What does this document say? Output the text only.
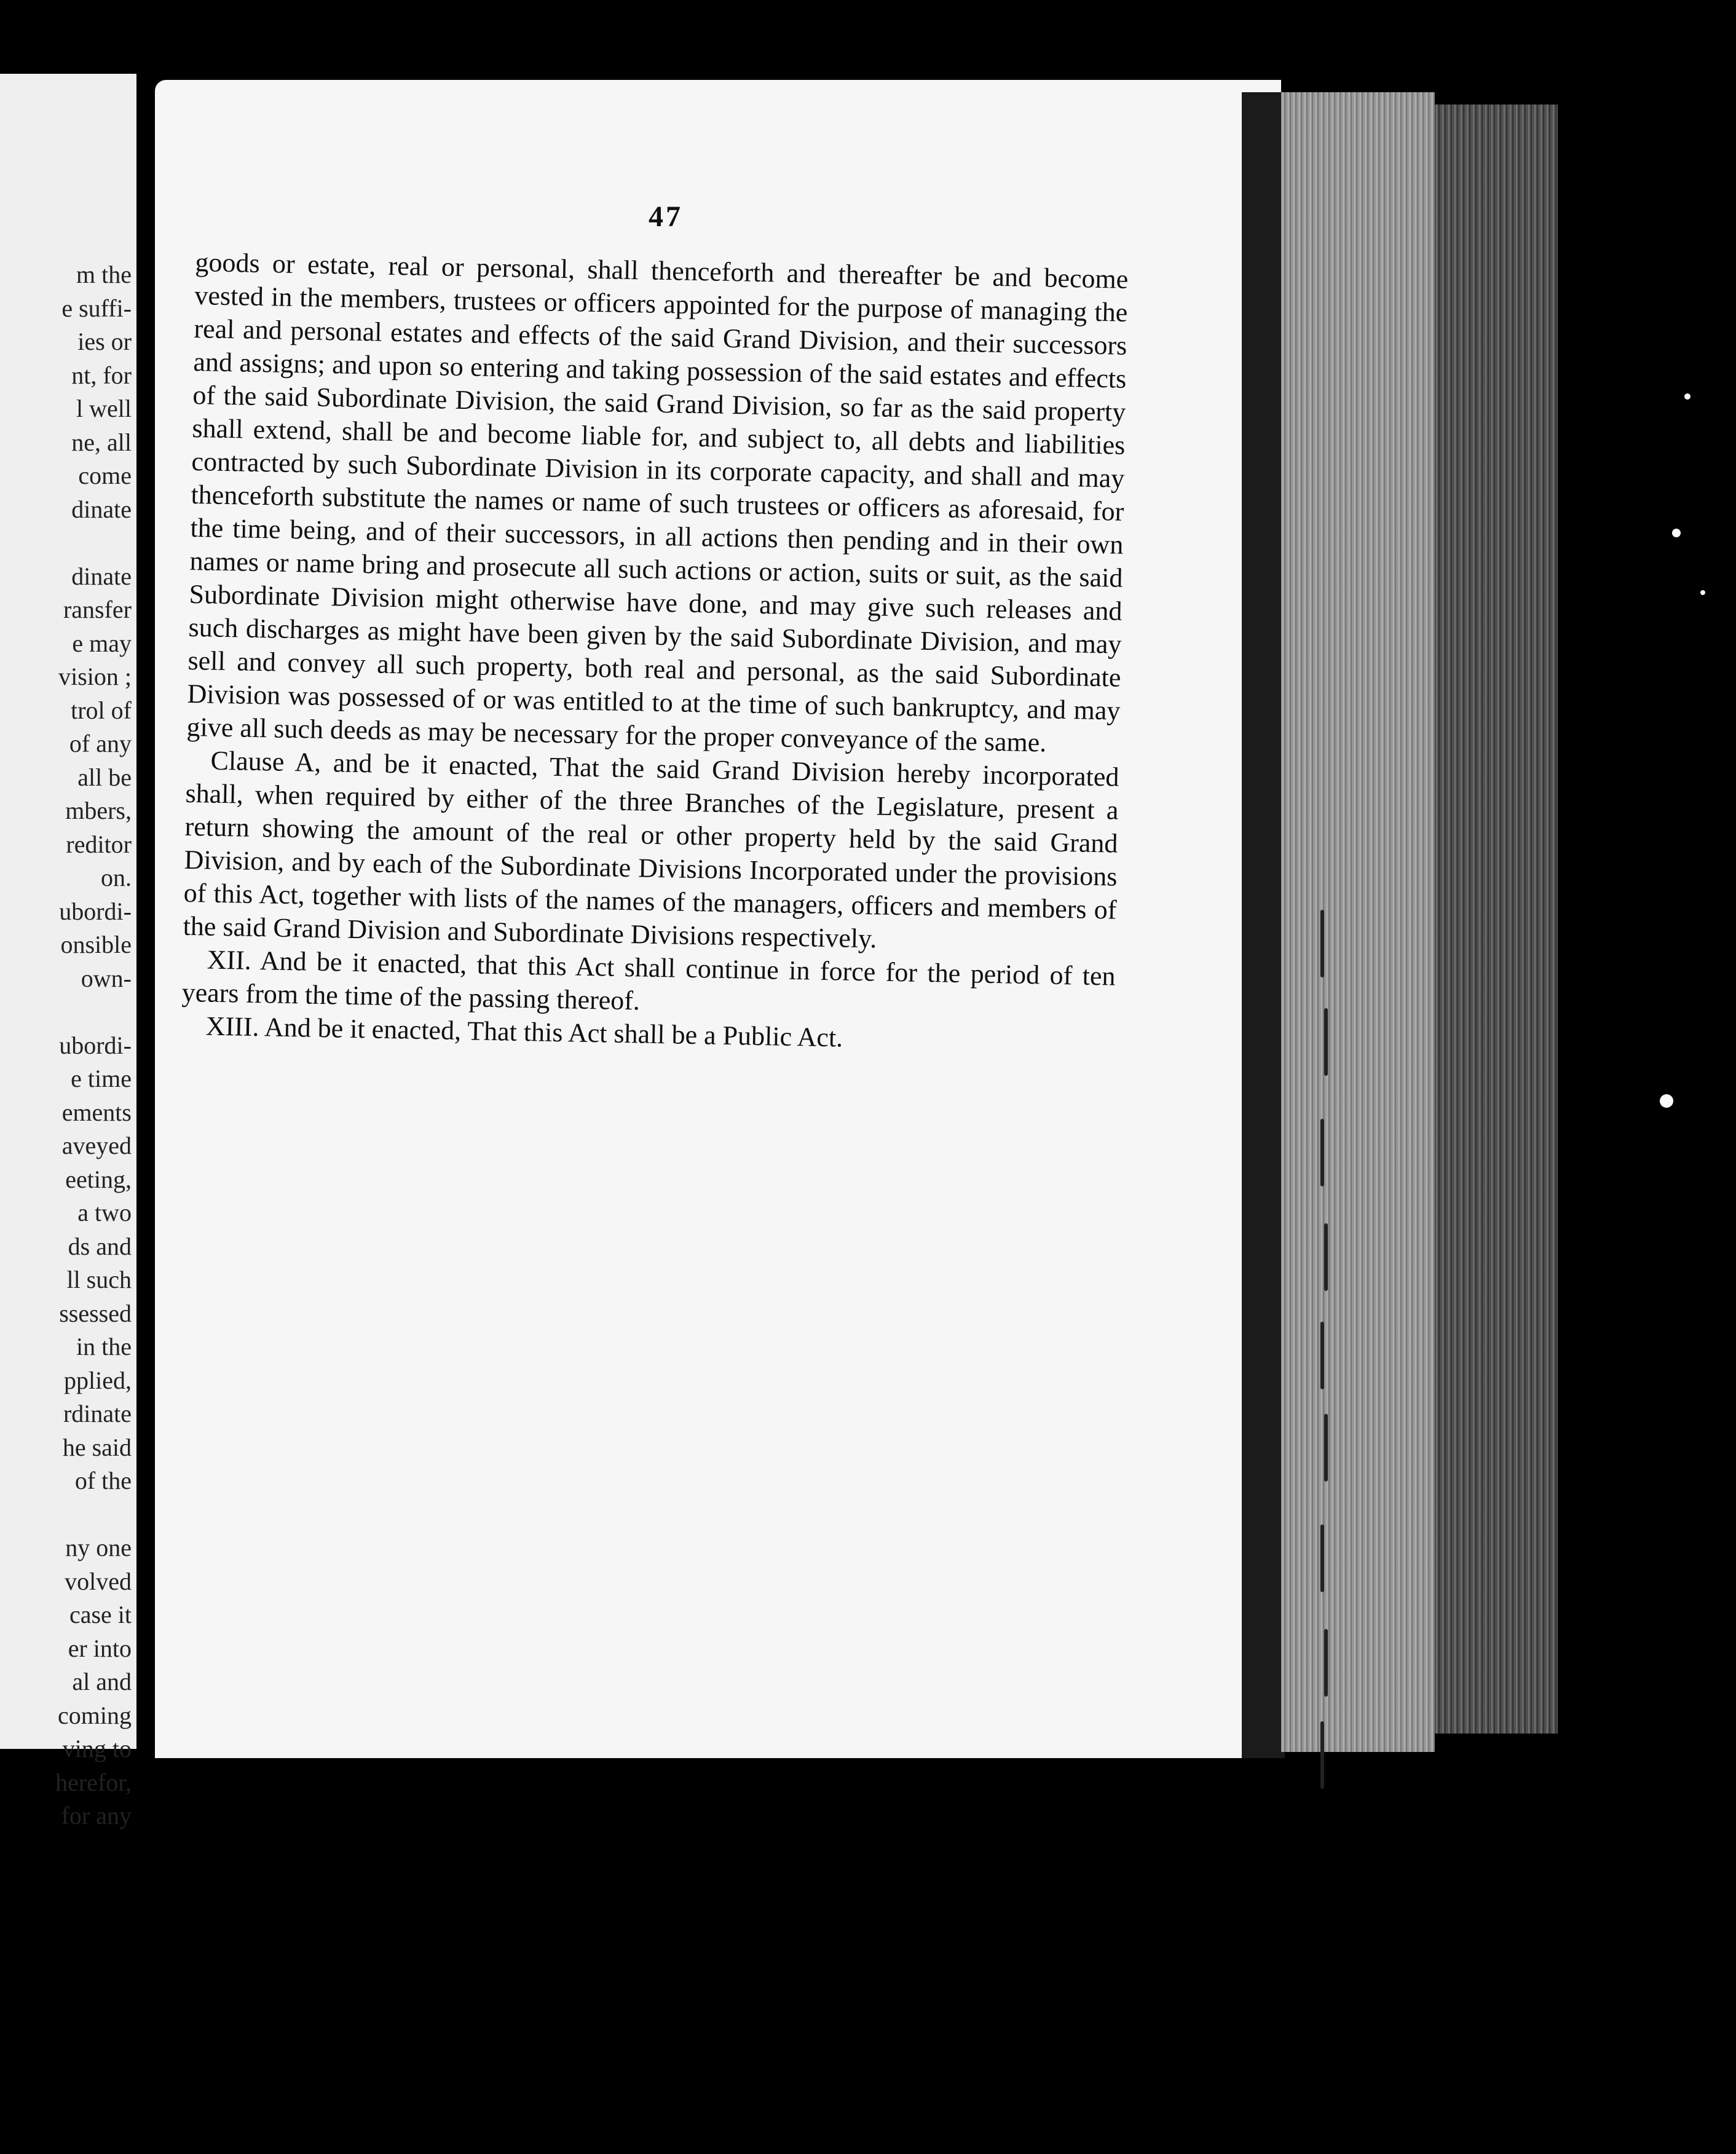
m the
e suffi-
ies or
nt, for
l well
ne, all
come
dinate
dinate
ransfer
e may
vision ;
trol of
of any
all be
mbers,
reditor
on.
ubordi-
onsible
own-
ubordi-
e time
ements
aveyed
eeting,
a two
ds and
ll such
ssessed
in the
pplied,
rdinate
he said
of the
ny one
volved
case it
er into
al and
coming
ving to
herefor,
for any
47

goods or estate, real or personal, shall thenceforth and thereafter be and become vested in the members, trustees or officers appointed for the purpose of managing the real and personal estates and effects of the said Grand Division, and their successors and assigns; and upon so entering and taking possession of the said estates and effects of the said Subordinate Division, the said Grand Division, so far as the said property shall extend, shall be and become liable for, and subject to, all debts and liabilities contracted by such Subordinate Division in its corporate capacity, and shall and may thenceforth substitute the names or name of such trustees or officers as aforesaid, for the time being, and of their successors, in all actions then pending and in their own names or name bring and prosecute all such actions or action, suits or suit, as the said Subordinate Division might otherwise have done, and may give such releases and such discharges as might have been given by the said Subordinate Division, and may sell and convey all such property, both real and personal, as the said Subordinate Division was possessed of or was entitled to at the time of such bankruptcy, and may give all such deeds as may be necessary for the proper conveyance of the same.

Clause A, and be it enacted, That the said Grand Division hereby incorporated shall, when required by either of the three Branches of the Legislature, present a return showing the amount of the real or other property held by the said Grand Division, and by each of the Subordinate Divisions Incorporated under the provisions of this Act, together with lists of the names of the managers, officers and members of the said Grand Division and Subordinate Divisions respectively.

XII. And be it enacted, that this Act shall continue in force for the period of ten years from the time of the passing thereof.

XIII. And be it enacted, That this Act shall be a Public Act.
